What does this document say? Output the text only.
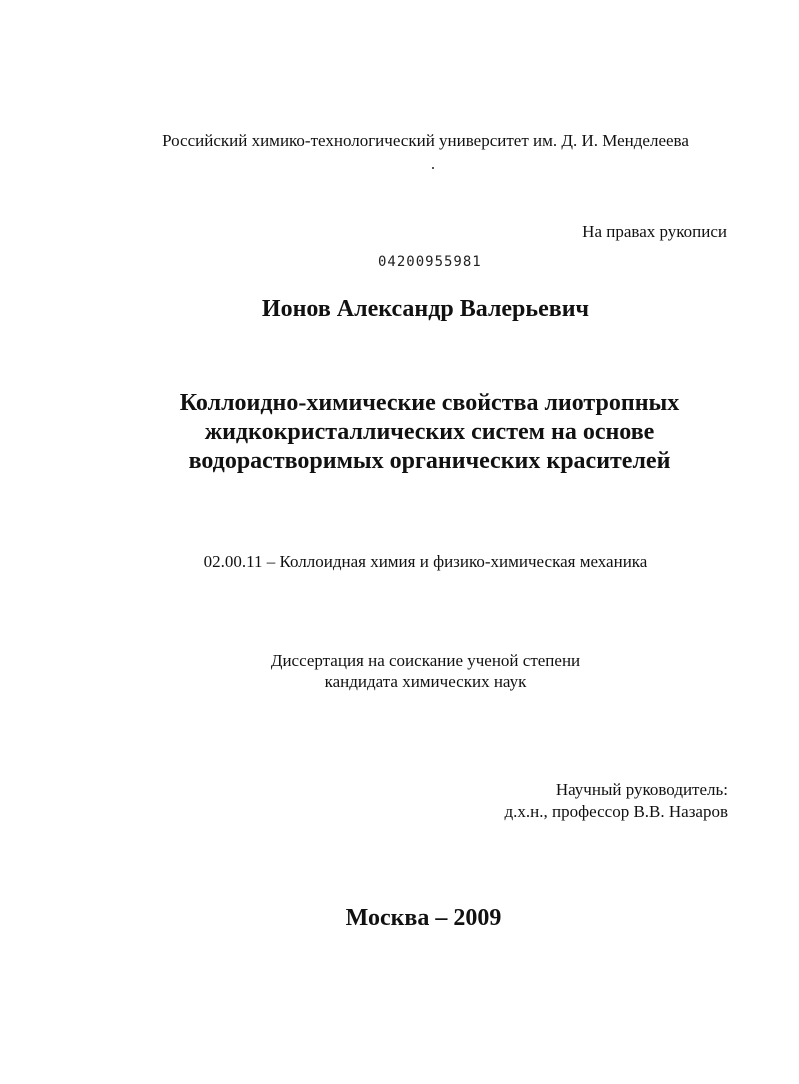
Российский химико-технологический университет им. Д. И. Менделеева
На правах рукописи
04200955981
Ионов Александр Валерьевич
Коллоидно-химические свойства лиотропных
жидкокристаллических систем на основе
водорастворимых органических красителей
02.00.11 – Коллоидная химия и физико-химическая механика
Диссертация на соискание ученой степени
кандидата химических наук
Научный руководитель:
д.х.н., профессор В.В. Назаров
Москва – 2009
